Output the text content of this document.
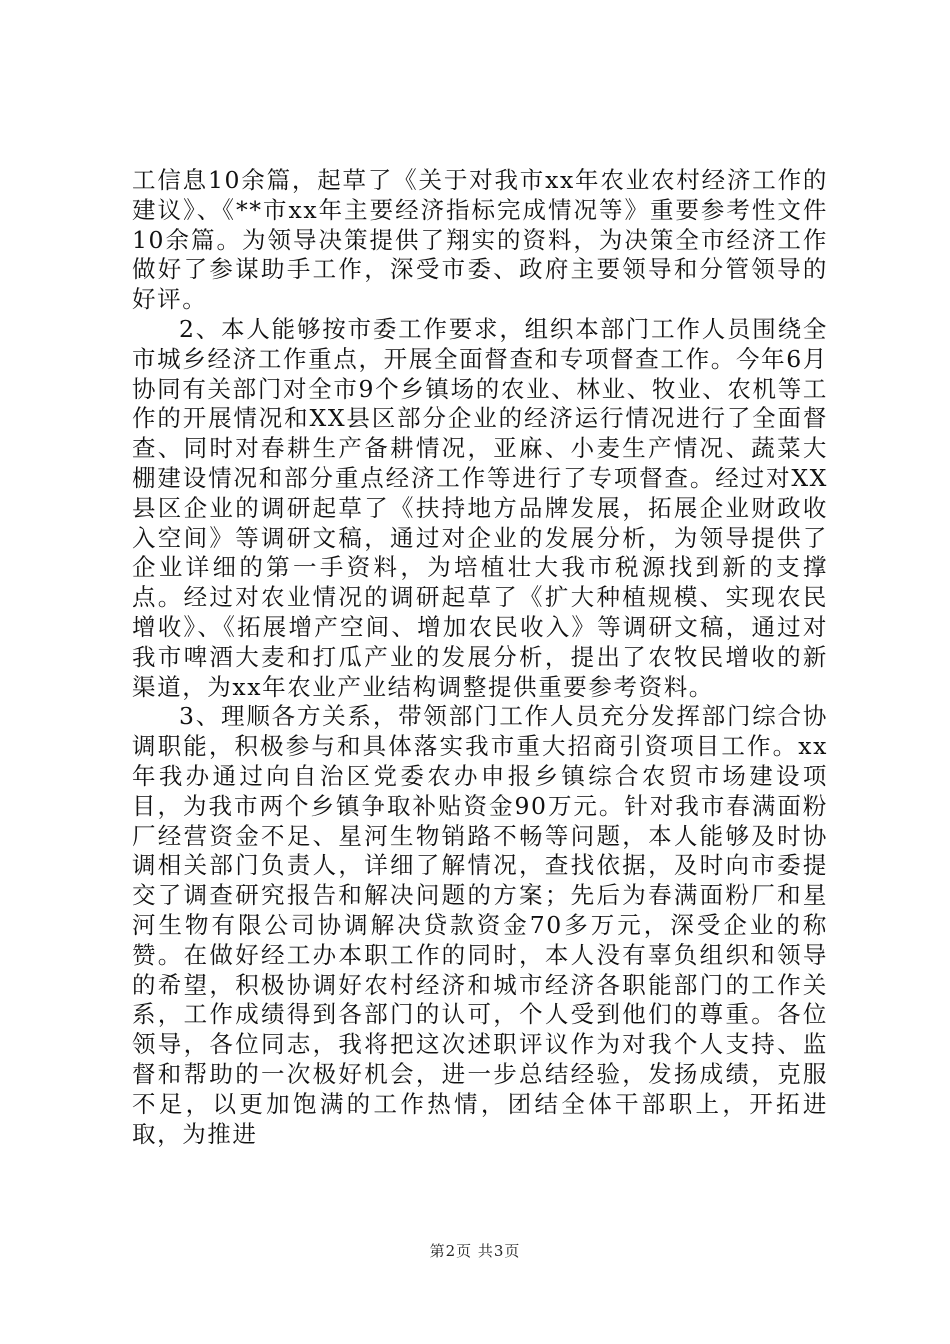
工信息10余篇，起草了《关于对我市xx年农业农村经济工作的建议》、《**市xx年主要经济指标完成情况等》重要参考性文件10余篇。为领导决策提供了翔实的资料，为决策全市经济工作做好了参谋助手工作，深受市委、政府主要领导和分管领导的好评。

2、本人能够按市委工作要求，组织本部门工作人员围绕全市城乡经济工作重点，开展全面督查和专项督查工作。今年6月协同有关部门对全市9个乡镇场的农业、林业、牧业、农机等工作的开展情况和XX县区部分企业的经济运行情况进行了全面督查、同时对春耕生产备耕情况，亚麻、小麦生产情况、蔬菜大棚建设情况和部分重点经济工作等进行了专项督查。经过对XX县区企业的调研起草了《扶持地方品牌发展，拓展企业财政收入空间》等调研文稿，通过对企业的发展分析，为领导提供了企业详细的第一手资料，为培植壮大我市税源找到新的支撑点。经过对农业情况的调研起草了《扩大种植规模、实现农民增收》、《拓展增产空间、增加农民收入》等调研文稿，通过对我市啤酒大麦和打瓜产业的发展分析，提出了农牧民增收的新渠道，为xx年农业产业结构调整提供重要参考资料。

3、理顺各方关系，带领部门工作人员充分发挥部门综合协调职能，积极参与和具体落实我市重大招商引资项目工作。xx年我办通过向自治区党委农办申报乡镇综合农贸市场建设项目，为我市两个乡镇争取补贴资金90万元。针对我市春满面粉厂经营资金不足、星河生物销路不畅等问题，本人能够及时协调相关部门负责人，详细了解情况，查找依据，及时向市委提交了调查研究报告和解决问题的方案；先后为春满面粉厂和星河生物有限公司协调解决贷款资金70多万元，深受企业的称赞。在做好经工办本职工作的同时，本人没有辜负组织和领导的希望，积极协调好农村经济和城市经济各职能部门的工作关系，工作成绩得到各部门的认可，个人受到他们的尊重。各位领导，各位同志，我将把这次述职评议作为对我个人支持、监督和帮助的一次极好机会，进一步总结经验，发扬成绩，克服不足，以更加饱满的工作热情，团结全体干部职上，开拓进取，为推进

第2页 共3页
